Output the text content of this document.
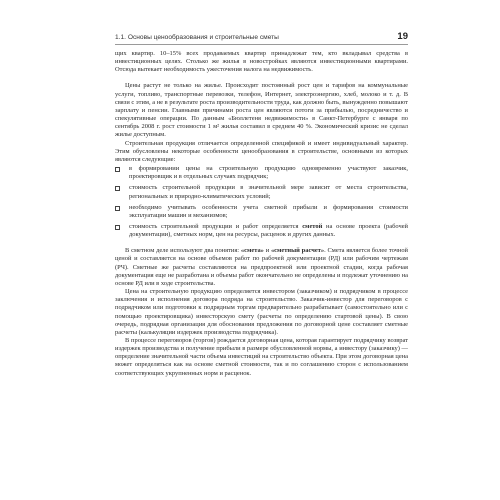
1.1. Основы ценообразования и строительные сметы	19

щих квартир. 10–15% всех продаваемых квартир принадлежат тем, кто вкладывал средства в инвестиционных целях. Столько же жилья в новостройках являются инвестиционными квартирами. Отсюда вытекает необходимость ужесточения налога на недвижимость.

Цены растут не только на жилье. Происходит постоянный рост цен и тарифов на коммунальные услуги, топливо, транспортные перевозки, телефон, Интернет, электроэнергию, хлеб, молоко и т. д. В связи с этим, а не в результате роста производительности труда, как должно быть, вынужденно повышают зарплату и пенсии. Главными причинами роста цен являются потоги за прибылью, посредничество и спекулятивные операции. По данным «Бюллетеня недвижимости» в Санкт-Петербурге с января по сентябрь 2008 г. рост стоимости 1 м² жилья составил в среднем 40 %. Экономический кризис не сделал жилье доступным.

Строительная продукция отличается определенной спецификой и имеет индивидуальный характер. Этим обусловлены некоторые особенности ценообразования в строительстве, основными из которых являются следующие:

в формировании цены на строительную продукцию одновременно участвуют заказчик, проектировщик и в отдельных случаях подрядчик;
стоимость строительной продукции в значительной мере зависит от места строительства, региональных и природно-климатических условий;
необходимо учитывать особенности учета сметной прибыли и формирования стоимости эксплуатации машин и механизмов;
стоимость строительной продукции и работ определяется сметой на основе проекта (рабочей документации), сметных норм, цен на ресурсы, расценок и других данных.

В сметном деле используют два понятия: «смета» и «сметный расчет». Смета является более точной ценой и составляется на основе объемов работ по рабочей документации (РД) или рабочим чертежам (РЧ). Сметные же расчеты составляются на предпроектной или проектной стадии, когда рабочая документация еще не разработана и объемы работ окончательно не определены и подлежат уточнению на основе РД или в ходе строительства.

Цена на строительную продукцию определяется инвестором (заказчиком) и подрядчиком в процессе заключения и исполнения договора подряда на строительство. Заказчик-инвестор для переговоров с подрядчиком или подготовки к подрядным торгам предварительно разрабатывает (самостоятельно или с помощью проектировщика) инвесторскую смету (расчеты по определению стартовой цены). В свою очередь, подрядная организация для обоснования предложения по договорной цене составляет сметные расчеты (калькуляции издержек производства подрядчика).

В процессе переговоров (торгов) рождается договорная цена, которая гарантирует подрядчику возврат издержек производства и получение прибыли в размере обусловленной нормы, а инвестору (заказчику) — определение значительной части объема инвестиций на строительство объекта. При этом договорная цена может определяться как на основе сметной стоимости, так и по соглашению сторон с использованием соответствующих укрупненных норм и расценок.
